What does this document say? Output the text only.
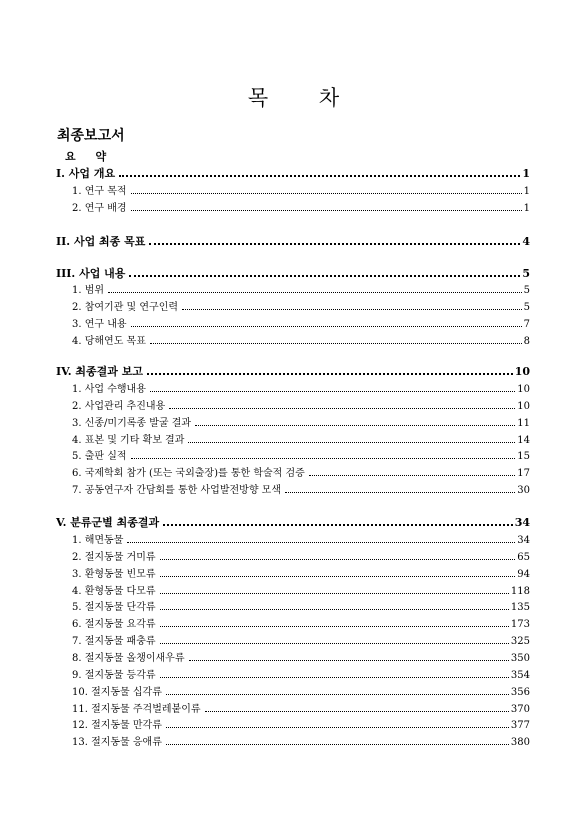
목 차
최종보고서
요 약
I. 사업 개요	1
1. 연구 목적	1
2. 연구 배경	1
II. 사업 최종 목표	4
III. 사업 내용	5
1. 범위	5
2. 참여기관 및 연구인력	5
3. 연구 내용	7
4. 당해연도 목표	8
IV. 최종결과 보고	10
1. 사업 수행내용	10
2. 사업관리 추진내용	10
3. 신종/미기록종 발굴 결과	11
4. 표본 및 기타 확보 결과	14
5. 출판 실적	15
6. 국제학회 참가 (또는 국외출장)를 통한 학술적 검증	17
7. 공동연구자 간담회를 통한 사업발전방향 모색	30
V. 분류군별 최종결과	34
1. 해면동물	34
2. 절지동물 거미류	65
3. 환형동물 빈모류	94
4. 환형동물 다모류	118
5. 절지동물 단각류	135
6. 절지동물 요각류	173
7. 절지동물 패충류	325
8. 절지동물 올챙이새우류	350
9. 절지동물 등각류	354
10. 절지동물 십각류	356
11. 절지동물 주걱벌레붙이류	370
12. 절지동물 만각류	377
13. 절지동물 응애류	380
